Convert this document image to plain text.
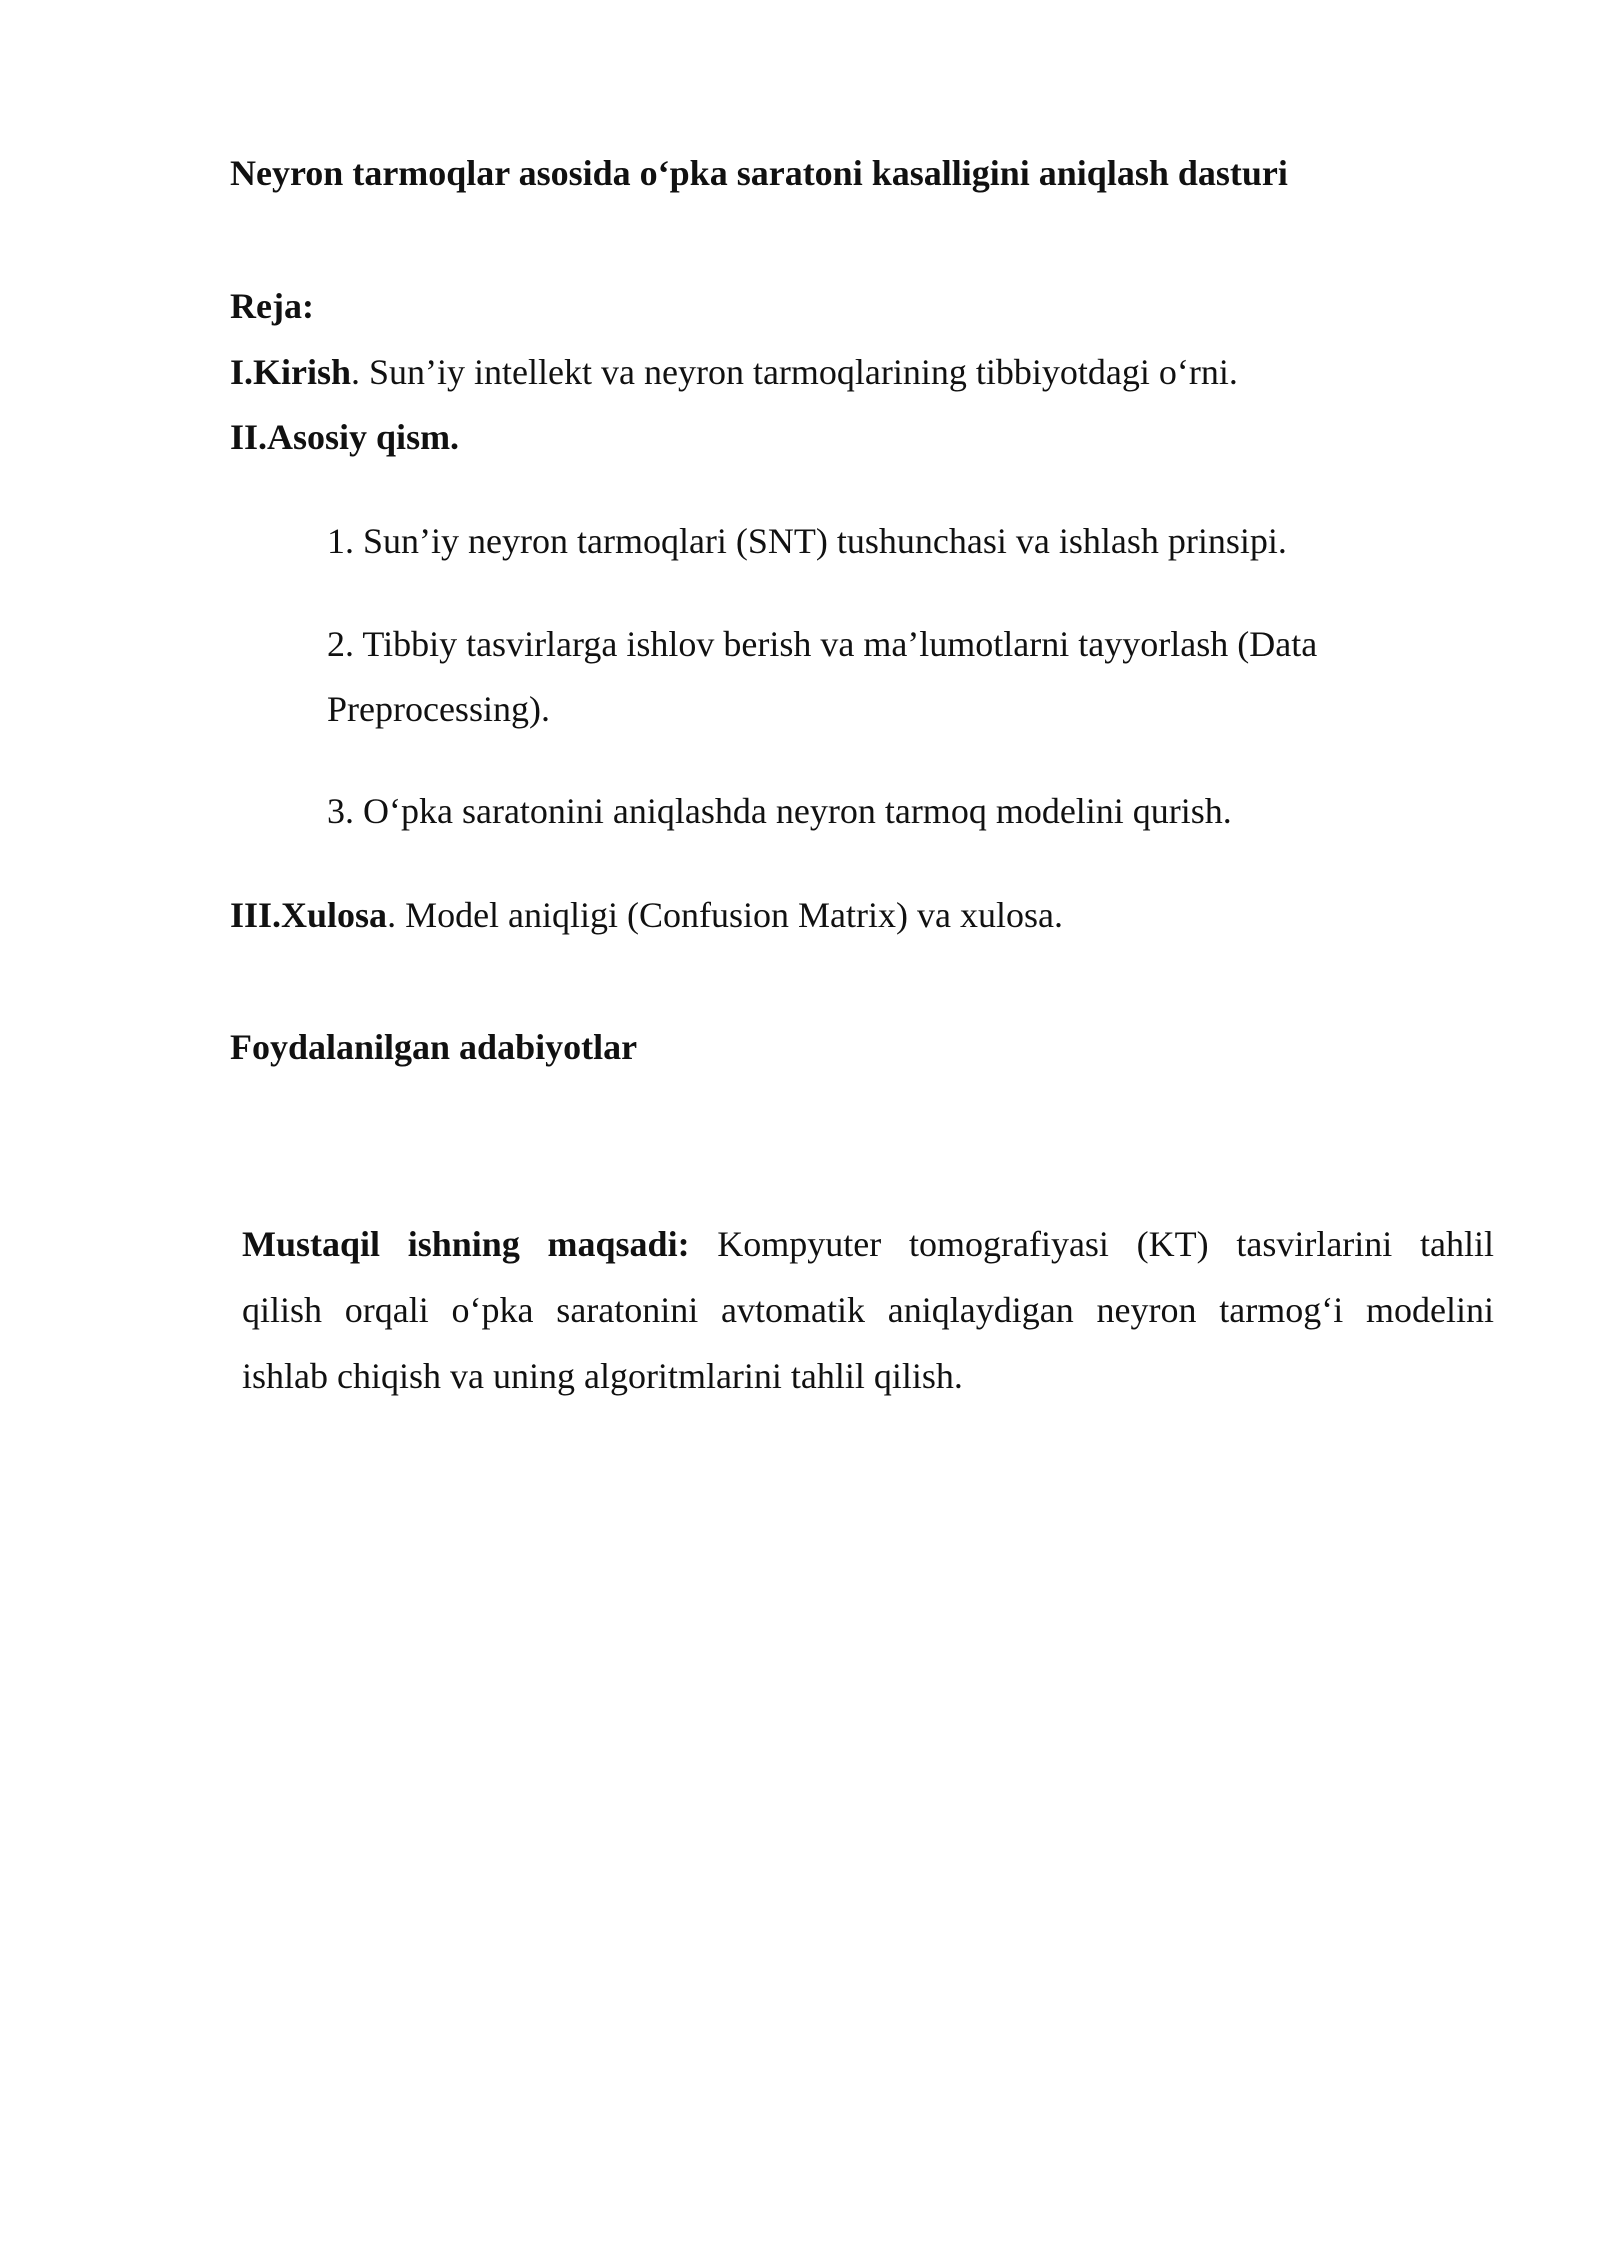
Neyron tarmoqlar asosida o‘pka saratoni kasalligini aniqlash dasturi
Reja:
I.Kirish. Sun’iy intellekt va neyron tarmoqlarining tibbiyotdagi o‘rni.
II.Asosiy qism.
1. Sun’iy neyron tarmoqlari (SNT) tushunchasi va ishlash prinsipi.
2. Tibbiy tasvirlarga ishlov berish va ma’lumotlarni tayyorlash (Data
Preprocessing).
3. O‘pka saratonini aniqlashda neyron tarmoq modelini qurish.
III.Xulosa. Model aniqligi (Confusion Matrix) va xulosa.
Foydalanilgan adabiyotlar
Mustaqil ishning maqsadi: Kompyuter tomografiyasi (KT) tasvirlarini tahlil
qilish orqali o‘pka saratonini avtomatik aniqlaydigan neyron tarmog‘i modelini
ishlab chiqish va uning algoritmlarini tahlil qilish.
